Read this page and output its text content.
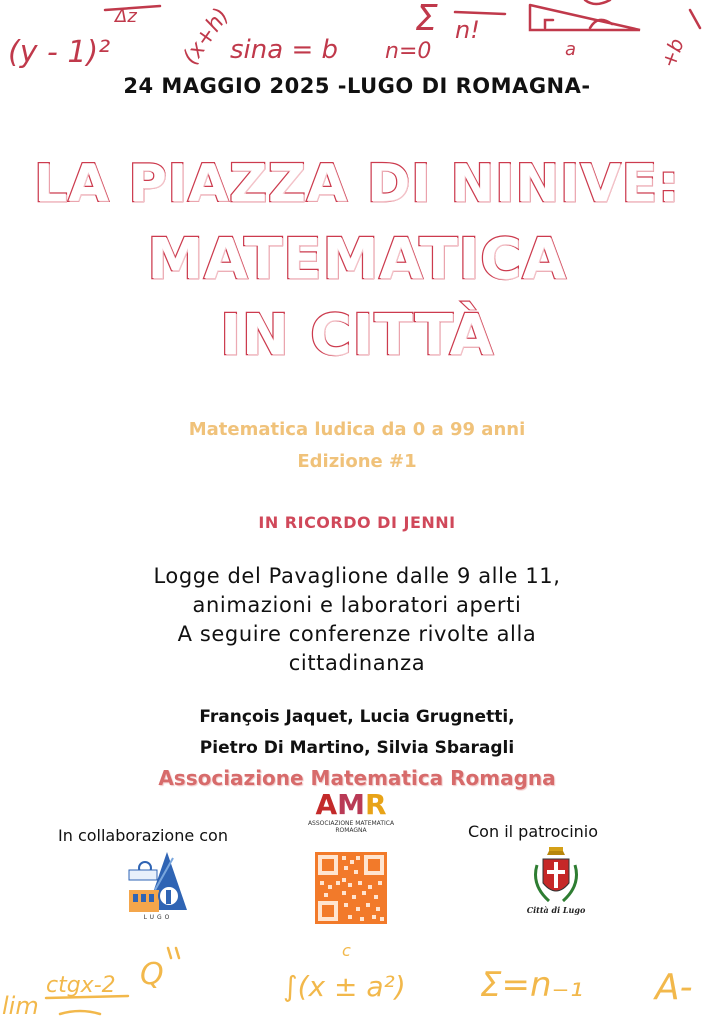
(y - 1)²
Δz (x+h)
sina = b n=0
Σ n!
a	+b
24 MAGGIO 2025 -LUGO DI ROMAGNA-
LA PIAZZA DI NINIVE:
MATEMATICA
IN CITTÀ
Matematica ludica da 0 a 99 anni
Edizione #1
IN RICORDO DI JENNI
Logge del Pavaglione dalle 9 alle 11,
animazioni e laboratori aperti
A seguire conferenze rivolte alla
cittadinanza
François Jaquet, Lucia Grugnetti,
Pietro Di Martino, Silvia Sbaragli
Associazione Matematica Romagna
AMR
ASSOCIAZIONE MATEMATICA
ROMAGNA
In collaborazione con	Con il patrocinio
LUGO
Città di Lugo
lim
ctgx-2 Q
c
∫(x ± a²) Σ=n₋₁ A-
